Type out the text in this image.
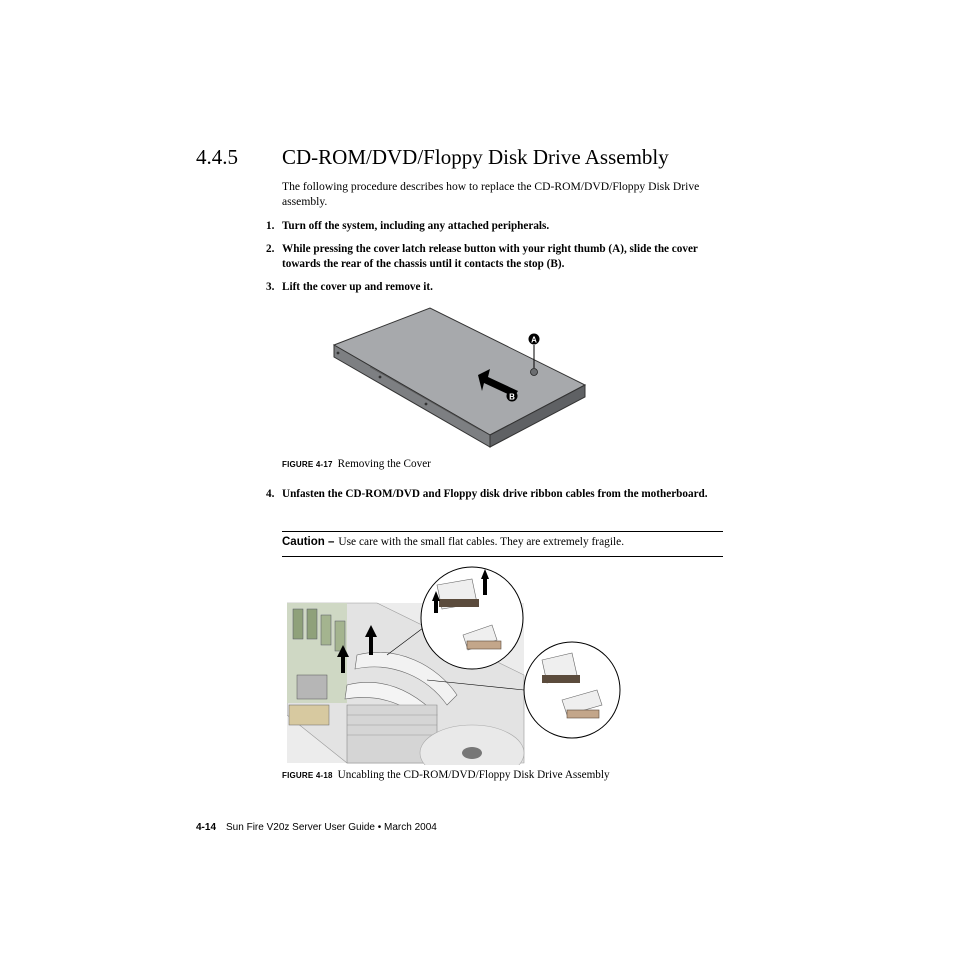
4.4.5 CD-ROM/DVD/Floppy Disk Drive Assembly
The following procedure describes how to replace the CD-ROM/DVD/Floppy Disk Drive assembly.
1. Turn off the system, including any attached peripherals.
2. While pressing the cover latch release button with your right thumb (A), slide the cover towards the rear of the chassis until it contacts the stop (B).
3. Lift the cover up and remove it.
A
B
FIGURE 4-17 Removing the Cover
4. Unfasten the CD-ROM/DVD and Floppy disk drive ribbon cables from the motherboard.
Caution – Use care with the small flat cables. They are extremely fragile.
FIGURE 4-18 Uncabling the CD-ROM/DVD/Floppy Disk Drive Assembly
4-14 Sun Fire V20z Server User Guide • March 2004
